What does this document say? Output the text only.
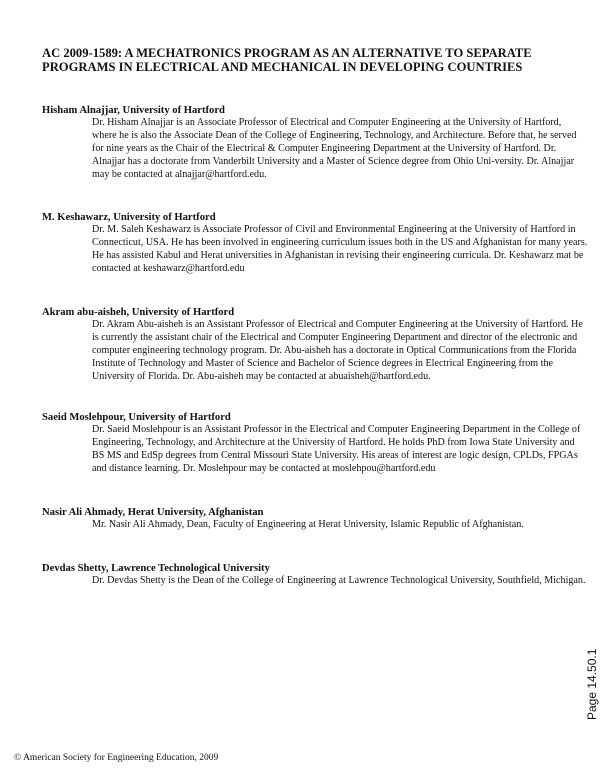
AC 2009-1589: A MECHATRONICS PROGRAM AS AN ALTERNATIVE TO SEPARATE PROGRAMS IN ELECTRICAL AND MECHANICAL IN DEVELOPING COUNTRIES

Hisham Alnajjar, University of Hartford

Dr. Hisham Alnajjar is an Associate Professor of Electrical and Computer Engineering at the University of Hartford, where he is also the Associate Dean of the College of Engineering, Technology, and Architecture. Before that, he served for nine years as the Chair of the Electrical & Computer Engineering Department at the University of Hartford. Dr. Alnajjar has a doctorate from Vanderbilt University and a Master of Science degree from Ohio Uni-versity. Dr. Alnajjar may be contacted at alnajjar@hartford.edu.

M. Keshawarz, University of Hartford

Dr. M. Saleh Keshawarz is Associate Professor of Civil and Environmental Engineering at the University of Hartford in Connecticut, USA. He has been involved in engineering curriculum issues both in the US and Afghanistan for many years. He has assisted Kabul and Herat universities in Afghanistan in revising their engineering curricula. Dr. Keshawarz mat be contacted at keshawarz@hartford.edu

Akram abu-aisheh, University of Hartford

Dr. Akram Abu-aisheh is an Assistant Professor of Electrical and Computer Engineering at the University of Hartford. He is currently the assistant chair of the Electrical and Computer Engineering Department and director of the electronic and computer engineering technology program. Dr. Abu-aisheh has a doctorate in Optical Communications from the Florida Institute of Technology and Master of Science and Bachelor of Science degrees in Electrical Engineering from the University of Florida. Dr. Abu-aisheh may be contacted at abuaisheh@hartford.edu.

Saeid Moslehpour, University of Hartford

Dr. Saeid Moslehpour is an Assistant Professor in the Electrical and Computer Engineering Department in the College of Engineering, Technology, and Architecture at the University of Hartford. He holds PhD from Iowa State University and BS MS and EdSp degrees from Central Missouri State University. His areas of interest are logic design, CPLDs, FPGAs and distance learning. Dr. Moslehpour may be contacted at moslehpou@hartford.edu

Nasir Ali Ahmady, Herat University, Afghanistan

Mr. Nasir Ali Ahmady, Dean, Faculty of Engineering at Herat University, Islamic Republic of Afghanistan.

Devdas Shetty, Lawrence Technological University

Dr. Devdas Shetty is the Dean of the College of Engineering at Lawrence Technological University, Southfield, Michigan.

© American Society for Engineering Education, 2009

Page 14.50.1
